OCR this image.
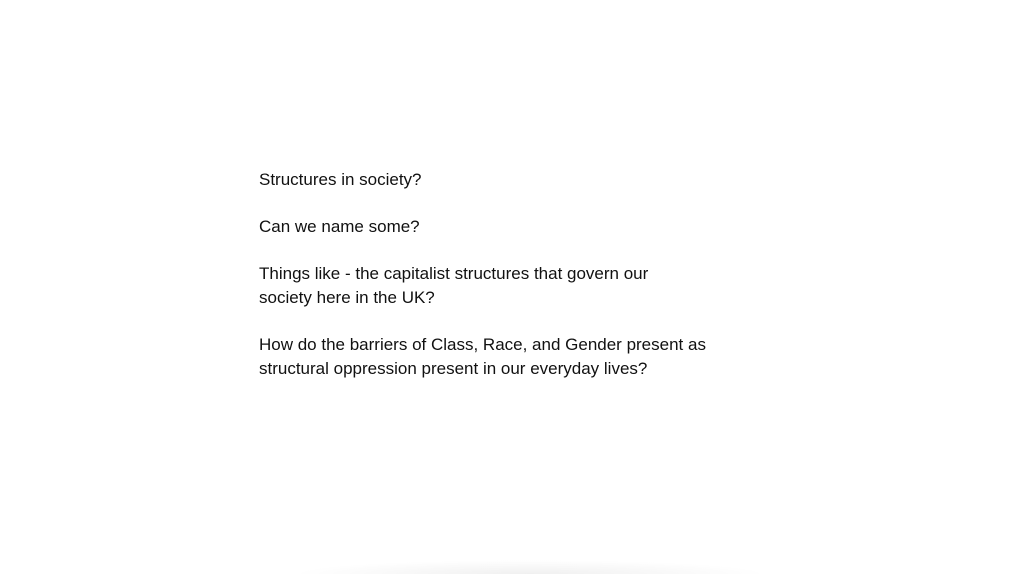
Structures in society?

Can we name some?

Things like - the capitalist structures that govern our
society here in the UK?

How do the barriers of Class, Race, and Gender present as
structural oppression present in our everyday lives?
